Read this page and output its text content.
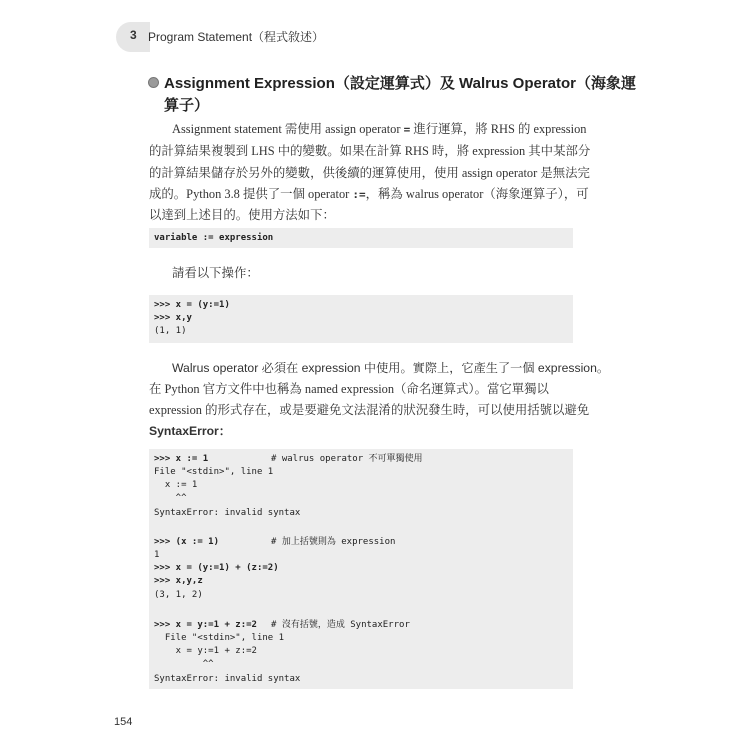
3 Program Statement（程式敘述）
Assignment Expression（設定運算式）及 Walrus Operator（海象運
算子）
Assignment statement 需使用 assign operator = 進行運算，將 RHS 的 expression
的計算結果複製到 LHS 中的變數。如果在計算 RHS 時，將 expression 其中某部分
的計算結果儲存於另外的變數，供後續的運算使用，使用 assign operator 是無法完
成的。Python 3.8 提供了一個 operator :=，稱為 walrus operator（海象運算子），可
以達到上述目的。使用方法如下：
variable := expression
請看以下操作：
>>> x = (y:=1)
>>> x,y
(1, 1)
Walrus operator 必須在 expression 中使用。實際上，它產生了一個 expression。
在 Python 官方文件中也稱為 named expression（命名運算式）。當它單獨以
expression 的形式存在，或是要避免文法混淆的狀況發生時，可以使用括號以避免
SyntaxError：
>>> x := 1	# walrus operator 不可單獨使用
File "<stdin>", line 1
x := 1
^^
SyntaxError: invalid syntax
>>> (x := 1)	# 加上括號則為 expression
1
>>> x = (y:=1) + (z:=2)
>>> x,y,z
(3, 1, 2)
>>> x = y:=1 + z:=2 # 沒有括號，造成 SyntaxError
File "<stdin>", line 1
x = y:=1 + z:=2
^^
SyntaxError: invalid syntax
154
